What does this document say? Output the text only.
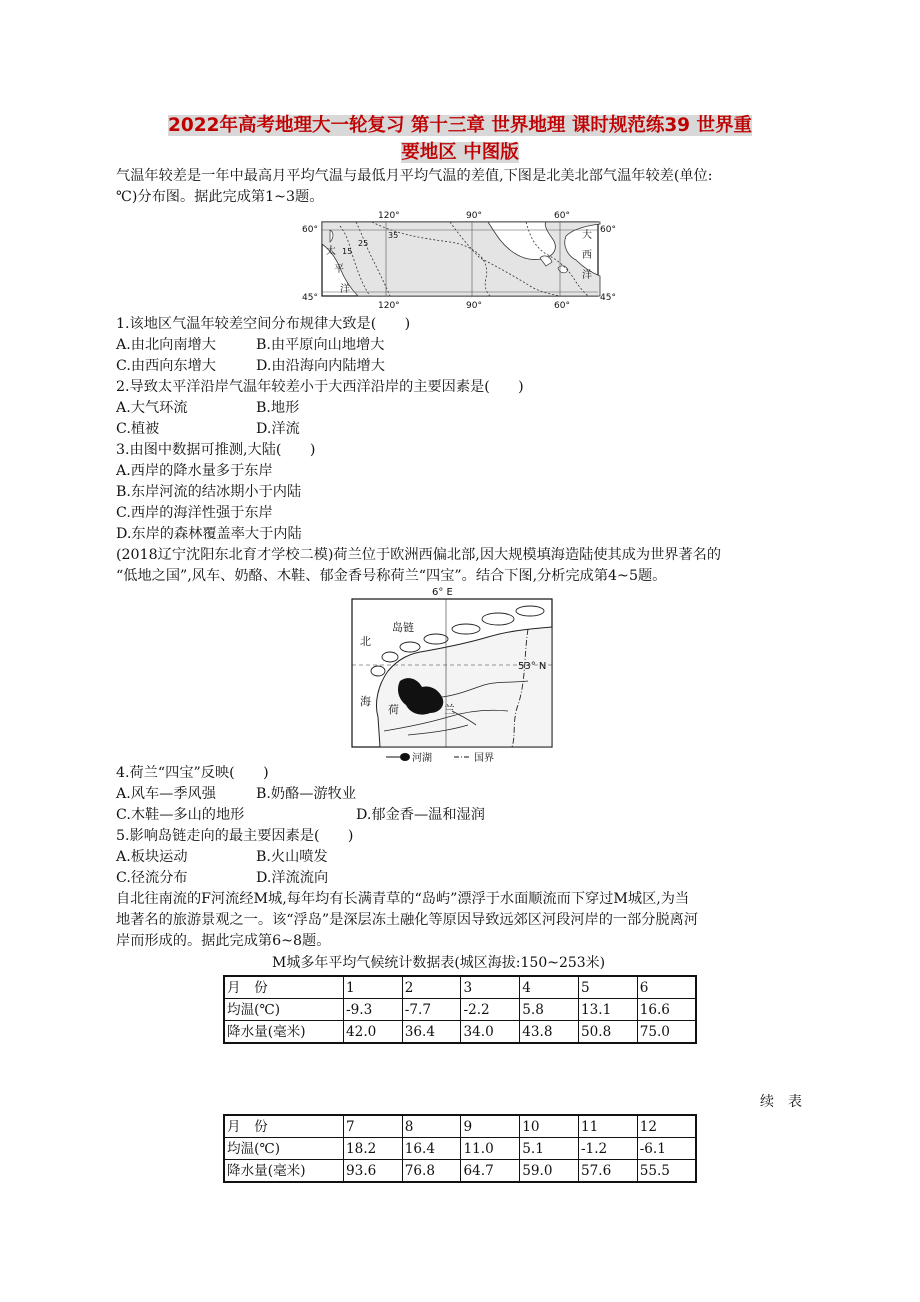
2022年高考地理大一轮复习 第十三章 世界地理 课时规范练39 世界重
要地区 中图版
气温年较差是一年中最高月平均气温与最低月平均气温的差值,下图是北美北部气温年较差(单位:
℃)分布图。据此完成第1~3题。
120°	90°	60°
120°	90°	60°
60°
45°
60°
45°
15
25
35
太
平
洋
大
西
洋
1.该地区气温年较差空间分布规律大致是(　　)
A.由北向南增大	B.由平原向山地增大
C.由西向东增大	D.由沿海向内陆增大
2.导致太平洋沿岸气温年较差小于大西洋沿岸的主要因素是(　　)
A.大气环流	B.地形
C.植被	D.洋流
3.由图中数据可推测,大陆(　　)
A.西岸的降水量多于东岸
B.东岸河流的结冰期小于内陆
C.西岸的海洋性强于东岸
D.东岸的森林覆盖率大于内陆
(2018辽宁沈阳东北育才学校二模)荷兰位于欧洲西偏北部,因大规模填海造陆使其成为世界著名的
“低地之国”,风车、奶酪、木鞋、郁金香号称荷兰“四宝”。结合下图,分析完成第4~5题。
6° E
53° N
北
海
岛链
荷	兰
河湖	国界
4.荷兰“四宝”反映(　　)
A.风车—季风强	B.奶酪—游牧业
C.木鞋—多山的地形	D.郁金香—温和湿润
5.影响岛链走向的最主要因素是(　　)
A.板块运动	B.火山喷发
C.径流分布	D.洋流流向
自北往南流的F河流经M城,每年均有长满青草的“岛屿”漂浮于水面顺流而下穿过M城区,为当
地著名的旅游景观之一。该“浮岛”是深层冻土融化等原因导致远郊区河段河岸的一部分脱离河
岸而形成的。据此完成第6~8题。
M城多年平均气候统计数据表(城区海拔:150~253米)
月　份	1	2	3	4	5	6
均温(℃)	-9.3	-7.7	-2.2	5.8	13.1	16.6
降水量(毫米)	42.0	36.4	34.0	43.8	50.8	75.0
续　表
月　份	7	8	9	10	11	12
均温(℃)	18.2	16.4	11.0	5.1	-1.2	-6.1
降水量(毫米)	93.6	76.8	64.7	59.0	57.6	55.5
